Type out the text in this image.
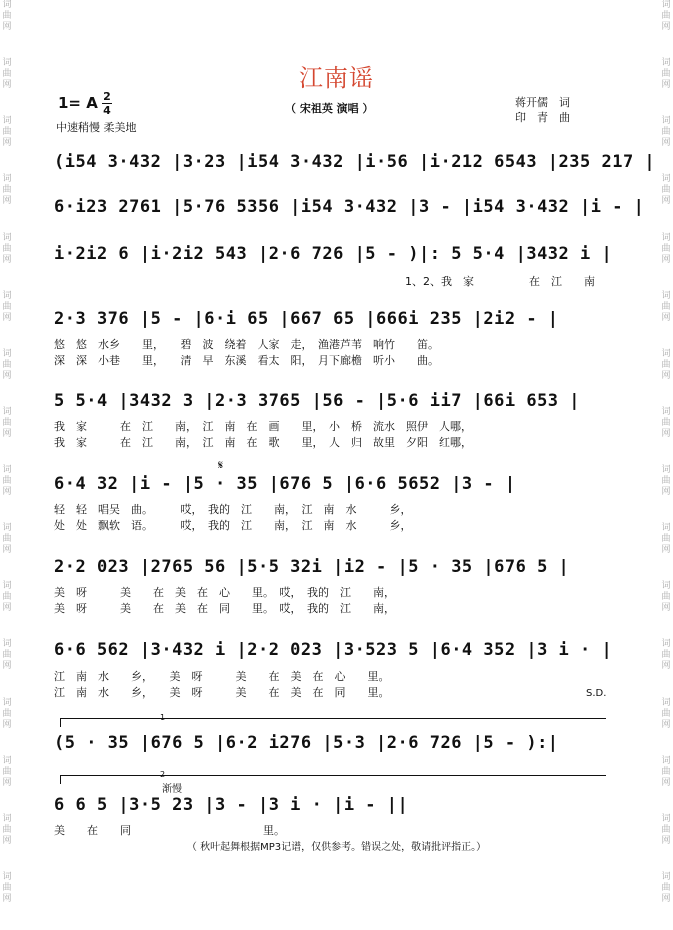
词
曲
网
词
曲
网
词
曲
网
词
曲
网
词
曲
网
词
曲
网
词
曲
网
词
曲
网
词
曲
网
词
曲
网
词
曲
网
词
曲
网
词
曲
网
词
曲
网
词
曲
网
词
曲
网
词
曲
网
词
曲
网
词
曲
网
词
曲
网
词
曲
网
词
曲
网
词
曲
网
词
曲
网
词
曲
网
词
曲
网
词
曲
网
词
曲
网
词
曲
网
词
曲
网
词
曲
网
词
曲
网
江南谣
1= A 2
4
中速稍慢 柔美地
（ 宋祖英 演唱 ）	蒋开儒　词
印　青　曲
(i54 3·432 |3·23 |i54 3·432 |i·56 |i·212 6543 |235 217 |
6·i23 2761 |5·76 5356 |i54 3·432 |3 - |i54 3·432 |i - |
i·2i2 6 |i·2i2 543 |2·6 726 |5 - )|: 5 5·4 |3432 i |
1、2、我　家　　　　　在　江　　南
2·3 376 |5 - |6·i 65 |667 65 |666i 235 |2i2 - |
悠　悠　水乡　　里，　　碧　波　绕着　人家　走，　渔港芦苇　响竹　　笛。
深　深　小巷　　里，　　清　早　东溪　看太　阳，　月下廊檐　听小　　曲。
5 5·4 |3432 3 |2·3 3765 |56 - |5·6 ii7 |66i 653 |
我　家　　　在　江　　南，　江　南　在　画　　里，　小　桥　流水　照伊　人哪，
我　家　　　在　江　　南，　江　南　在　歌　　里，　人　归　故里　夕阳　红哪，
𝄋
6·4 32 |i - |5 · 35 |676 5 |6·6 5652 |3 - |
轻　轻　唱吴　曲。　　　哎，　我的　江　　南，　江　南　水　　　乡，
处　处　飘软　语。　　　哎，　我的　江　　南，　江　南　水　　　乡，
2·2 023 |2765 56 |5·5 32i |i2 - |5 · 35 |676 5 |
美　呀　　　美　　在　美　在　心　　里。　哎，　我的　江　　南，
美　呀　　　美　　在　美　在　同　　里。　哎，　我的　江　　南，
6·6 562 |3·432 i |2·2 023 |3·523 5 |6·4 352 |3 i · |
江　南　水　　乡，　　美　呀　　　美　　在　美　在　心　　里。
江　南　水　　乡，　　美　呀　　　美　　在　美　在　同　　里。	S.D.
1
(5 · 35 |676 5 |6·2 i276 |5·3 |2·6 726 |5 - ):|
2
渐慢
6 6 5 |3·5 23 |3 - |3 i · |i - ||
美　　在　　同　　　　　　　　　　　　里。
（ 秋叶起舞根据MP3记谱，仅供参考。错误之处，敬请批评指正。）
